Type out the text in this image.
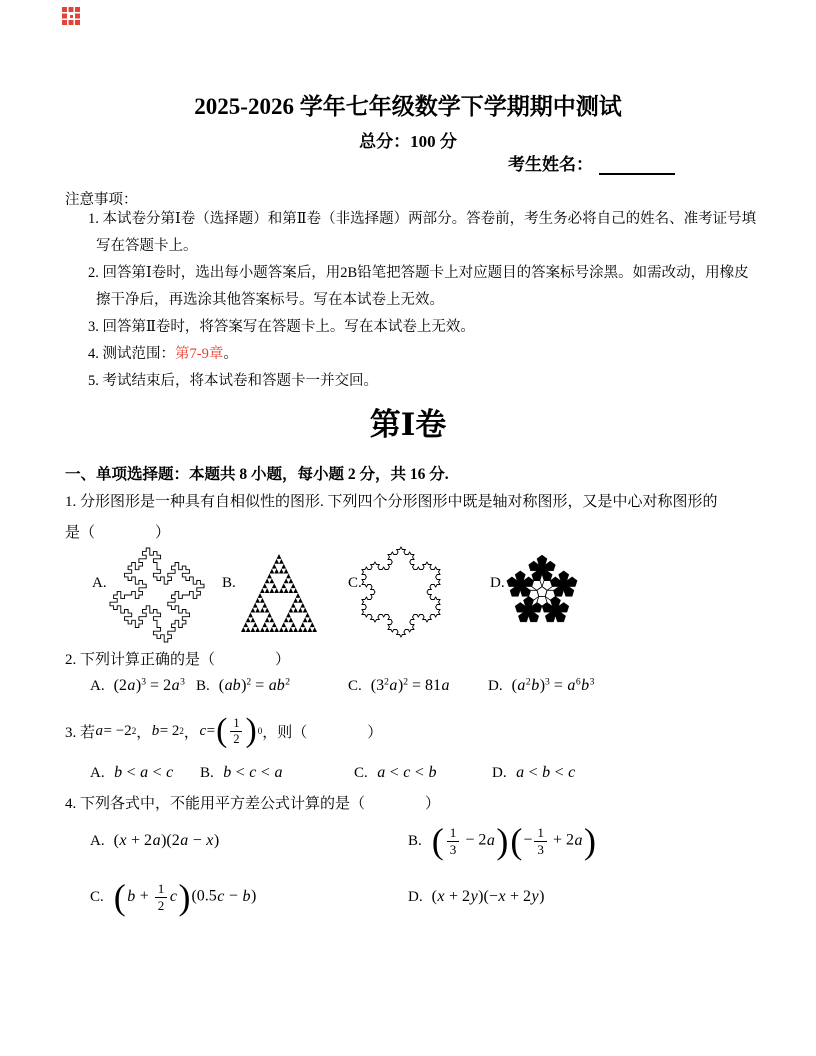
2025-2026 学年七年级数学下学期期中测试
总分：100 分
考生姓名：
注意事项：
1. 本试卷分第Ⅰ卷（选择题）和第Ⅱ卷（非选择题）两部分。答卷前，考生务必将自己的姓名、准考证号填写在答题卡上。
2. 回答第Ⅰ卷时，选出每小题答案后，用2B铅笔把答题卡上对应题目的答案标号涂黑。如需改动，用橡皮擦干净后，再选涂其他答案标号。写在本试卷上无效。
3. 回答第Ⅱ卷时，将答案写在答题卡上。写在本试卷上无效。
4. 测试范围：第7-9章。
5. 考试结束后，将本试卷和答题卡一并交回。
第Ⅰ卷
一、单项选择题：本题共 8 小题，每小题 2 分，共 16 分.
1. 分形图形是一种具有自相似性的图形. 下列四个分形图形中既是轴对称图形，又是中心对称图形的
是（　　　　）
A.	B.	C.	D.
2. 下列计算正确的是（　　　　）
A. $(2a)^3 = 2a^3$ B. $(ab)^2 = ab^2$	C. $(3^2a)^2 = 81a$	D. $(a^2b)^3 = a^6b^3$
3. 若 a = −2 2 ， b = 2 2 ， c = ( $\frac{1}{2}$ ) 0 ，则（　　　　）
A. b < a < c B. b < c < a	C. a < c < b	D. a < b < c
4. 下列各式中，不能用平方差公式计算的是（　　　　）
A. (x + 2a)(2a − x)	B. ( $\frac{1}{3} - 2a)(- \frac{1}{3} + 2a)$
C. $(b + \frac{1}{2} c)(0.5c - b)$	D. (x + 2y)(−x + 2y)
